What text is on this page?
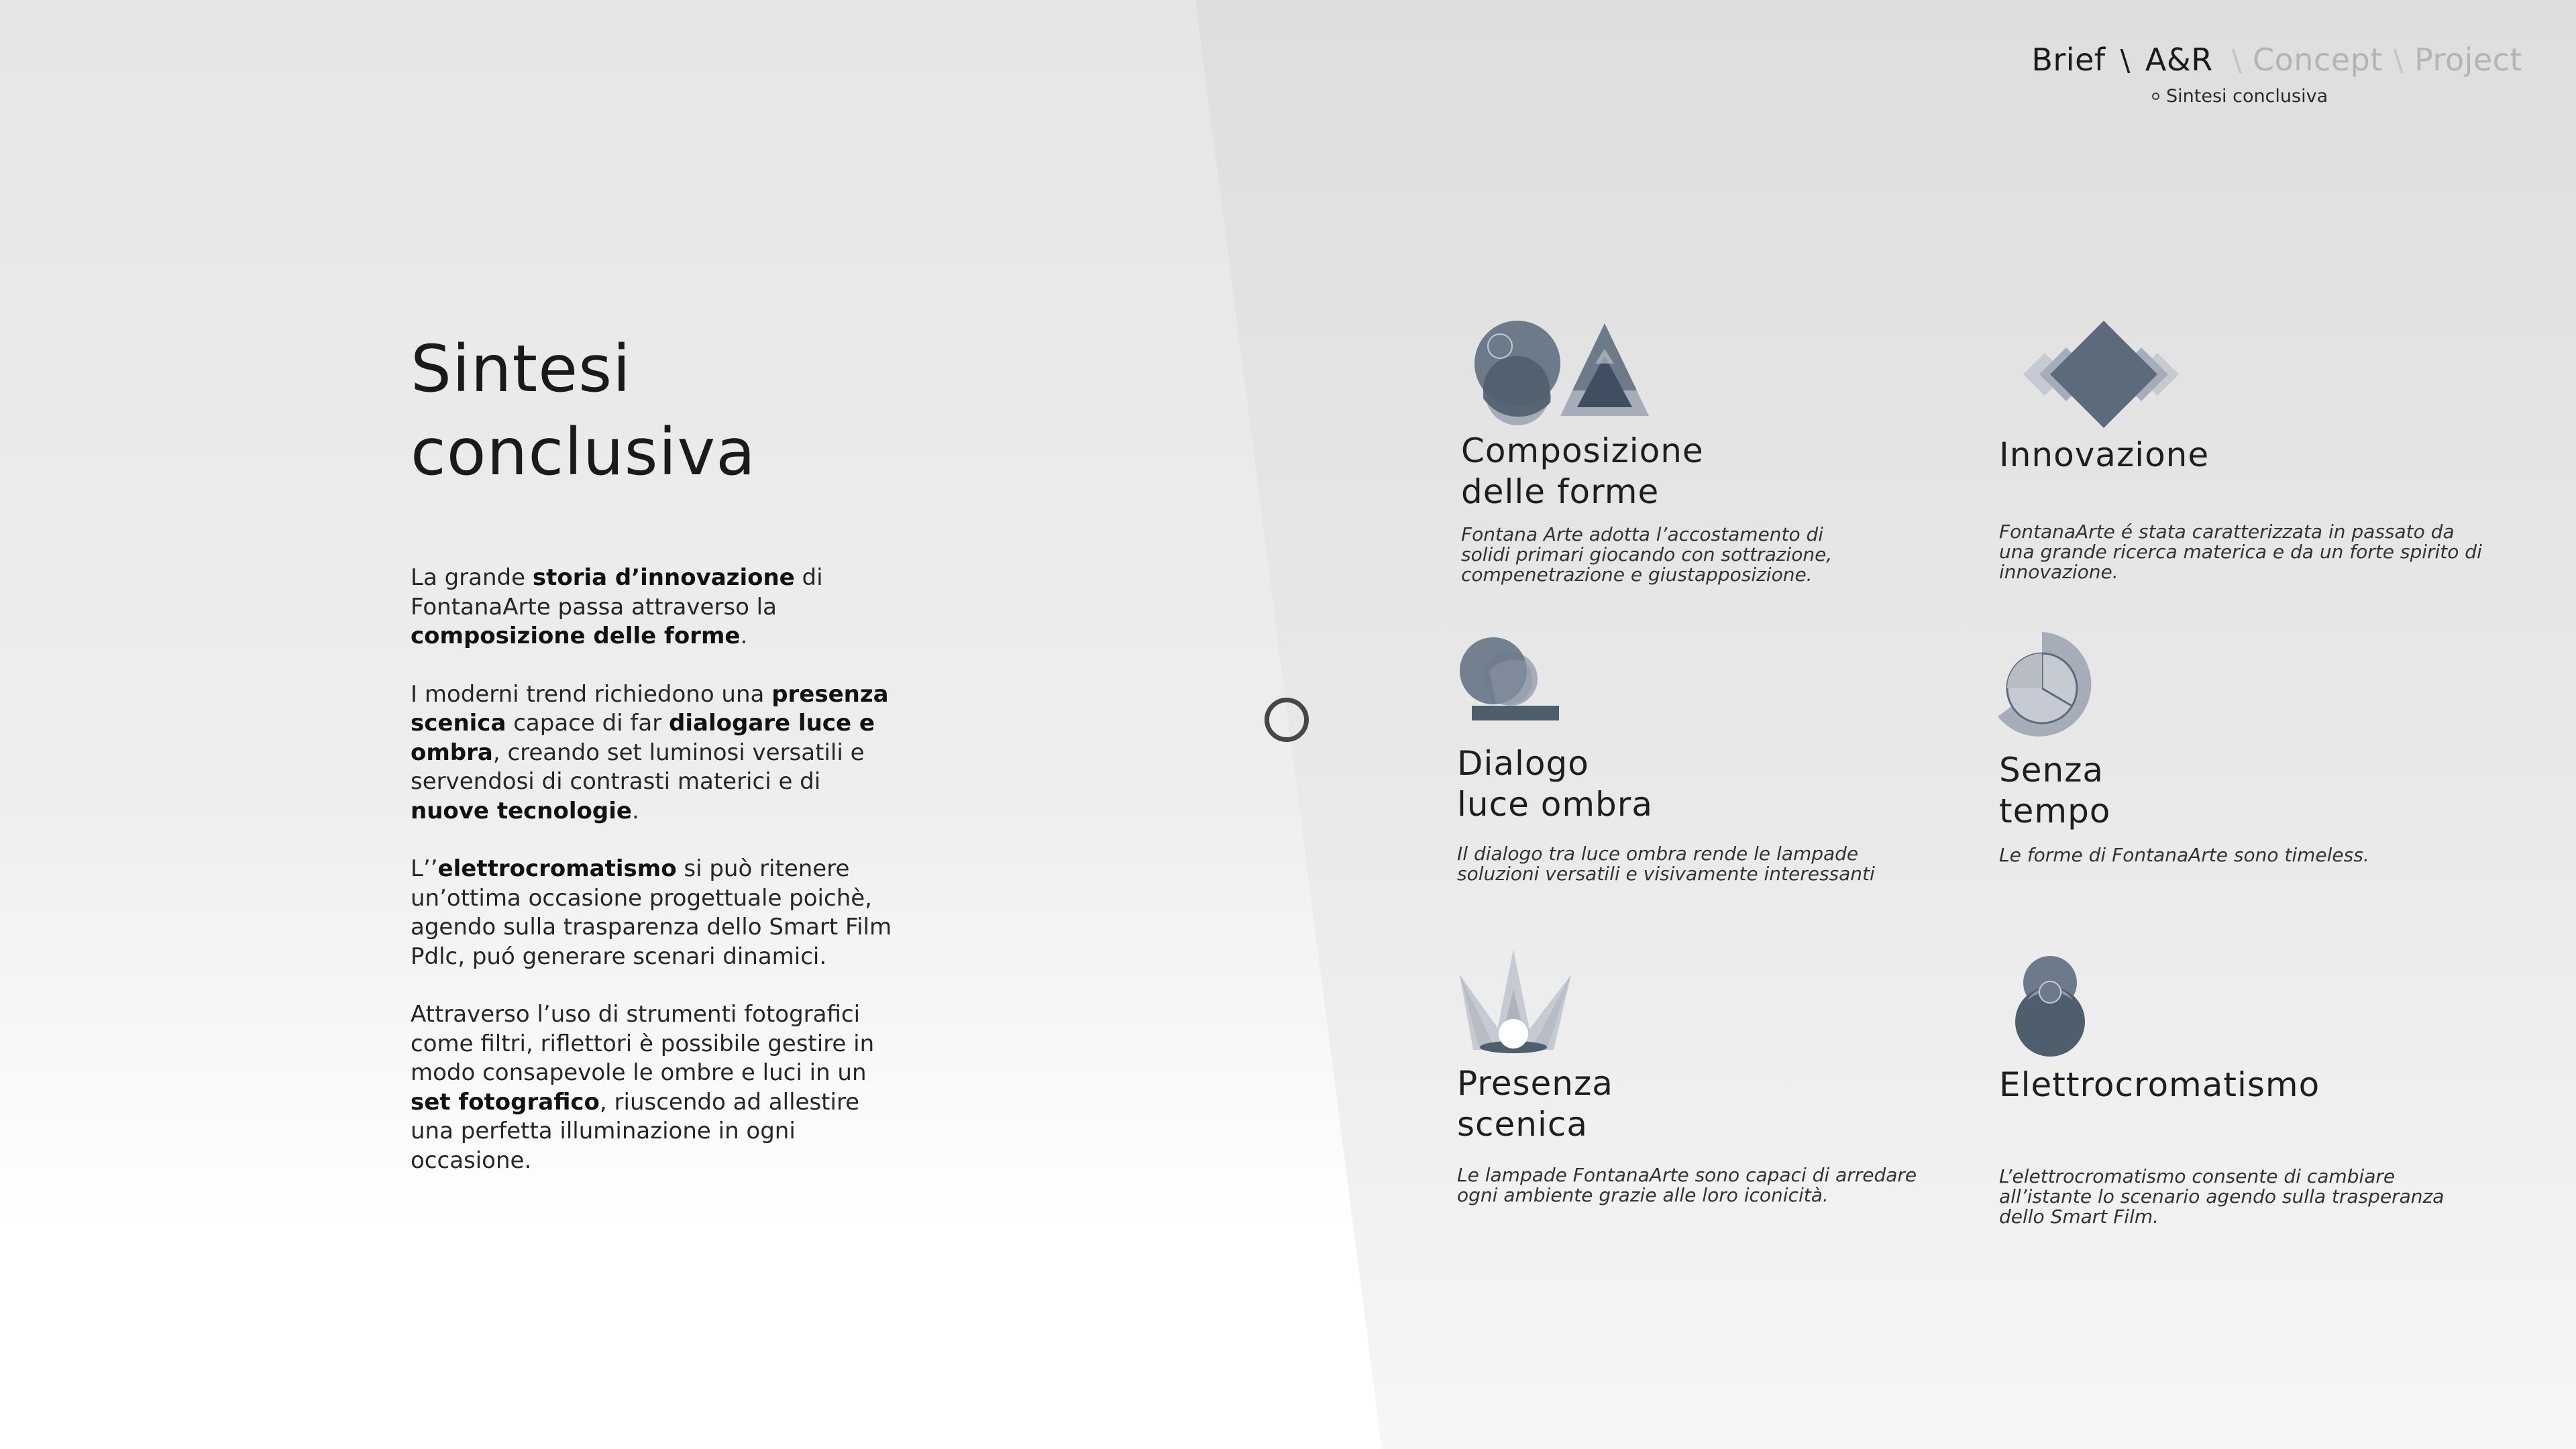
Brief \ A&R \ Concept \ Project
Sintesi conclusiva
Sintesi
conclusiva

La grande storia d’innovazione di FontanaArte passa attraverso la composizione delle forme.

I moderni trend richiedono una presenza scenica capace di far dialogare luce e ombra, creando set luminosi versatili e servendosi di contrasti materici e di nuove tecnologie.

L’’elettrocromatismo si può ritenere un’ottima occasione progettuale poichè, agendo sulla trasparenza dello Smart Film Pdlc, puó generare scenari dinamici.

Attraverso l’uso di strumenti fotografici come filtri, riflettori è possibile gestire in modo consapevole le ombre e luci in un set fotografico, riuscendo ad allestire una perfetta illuminazione in ogni occasione.

Composizione
delle forme
Fontana Arte adotta l’accostamento di solidi primari giocando con sottrazione, compenetrazione e giustapposizione.
Innovazione
FontanaArte é stata caratterizzata in passato da una grande ricerca materica e da un forte spirito di innovazione.
Dialogo
luce ombra
Il dialogo tra luce ombra rende le lampade soluzioni versatili e visivamente interessanti
Senza
tempo
Le forme di FontanaArte sono timeless.
Presenza
scenica
Le lampade FontanaArte sono capaci di arredare ogni ambiente grazie alle loro iconicità.
Elettrocromatismo
L’elettrocromatismo consente di cambiare all’istante lo scenario agendo sulla trasperanza dello Smart Film.
